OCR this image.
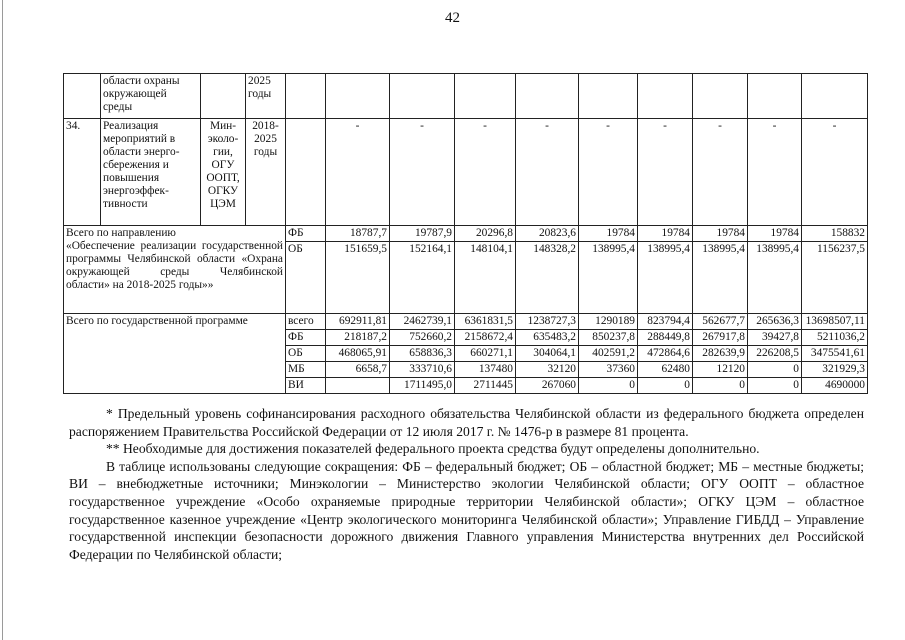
42
	области охраны окружающей среды		2025 годы										
34.	Реализация мероприятий в области энерго-сбережения и повышения энергоэффек-тивности	Мин-эколо-гии, ОГУ ООПТ, ОГКУ ЦЭМ	2018-2025 годы		-	-	-	-	-	-	-	-	-

Всего по направлению
«Обеспечение реализации государственной программы Челябинской области «Охрана окружающей среды Челябинской
области» на 2018-2025 годы»»				ФБ	18787,7	19787,9	20296,8	20823,6	19784	19784	19784	19784	158832
				ОБ	151659,5	152164,1	148104,1	148328,2	138995,4	138995,4	138995,4	138995,4	1156237,5
Всего по государственной программе				всего	692911,81	2462739,1	6361831,5	1238727,3	1290189	823794,4	562677,7	265636,3	13698507,11
				ФБ	218187,2	752660,2	2158672,4	635483,2	850237,8	288449,8	267917,8	39427,8	5211036,2
				ОБ	468065,91	658836,3	660271,1	304064,1	402591,2	472864,6	282639,9	226208,5	3475541,61
				МБ	6658,7	333710,6	137480	32120	37360	62480	12120	0	321929,3
				ВИ		1711495,0	2711445	267060	0	0	0	0	4690000

* Предельный уровень софинансирования расходного обязательства Челябинской области из федерального бюджета определен распоряжением Правительства Российской Федерации от 12 июля 2017 г. № 1476-р в размере 81 процента.

** Необходимые для достижения показателей федерального проекта средства будут определены дополнительно.

В таблице использованы следующие сокращения: ФБ – федеральный бюджет; ОБ – областной бюджет; МБ – местные бюджеты; ВИ – внебюджетные источники; Минэкологии – Министерство экологии Челябинской области; ОГУ ООПТ – областное государственное учреждение «Особо охраняемые природные территории Челябинской области»; ОГКУ ЦЭМ – областное государственное казенное учреждение «Центр экологического мониторинга Челябинской области»; Управление ГИБДД – Управление государственной инспекции безопасности дорожного движения Главного управления Министерства внутренних дел Российской Федерации по Челябинской области;
